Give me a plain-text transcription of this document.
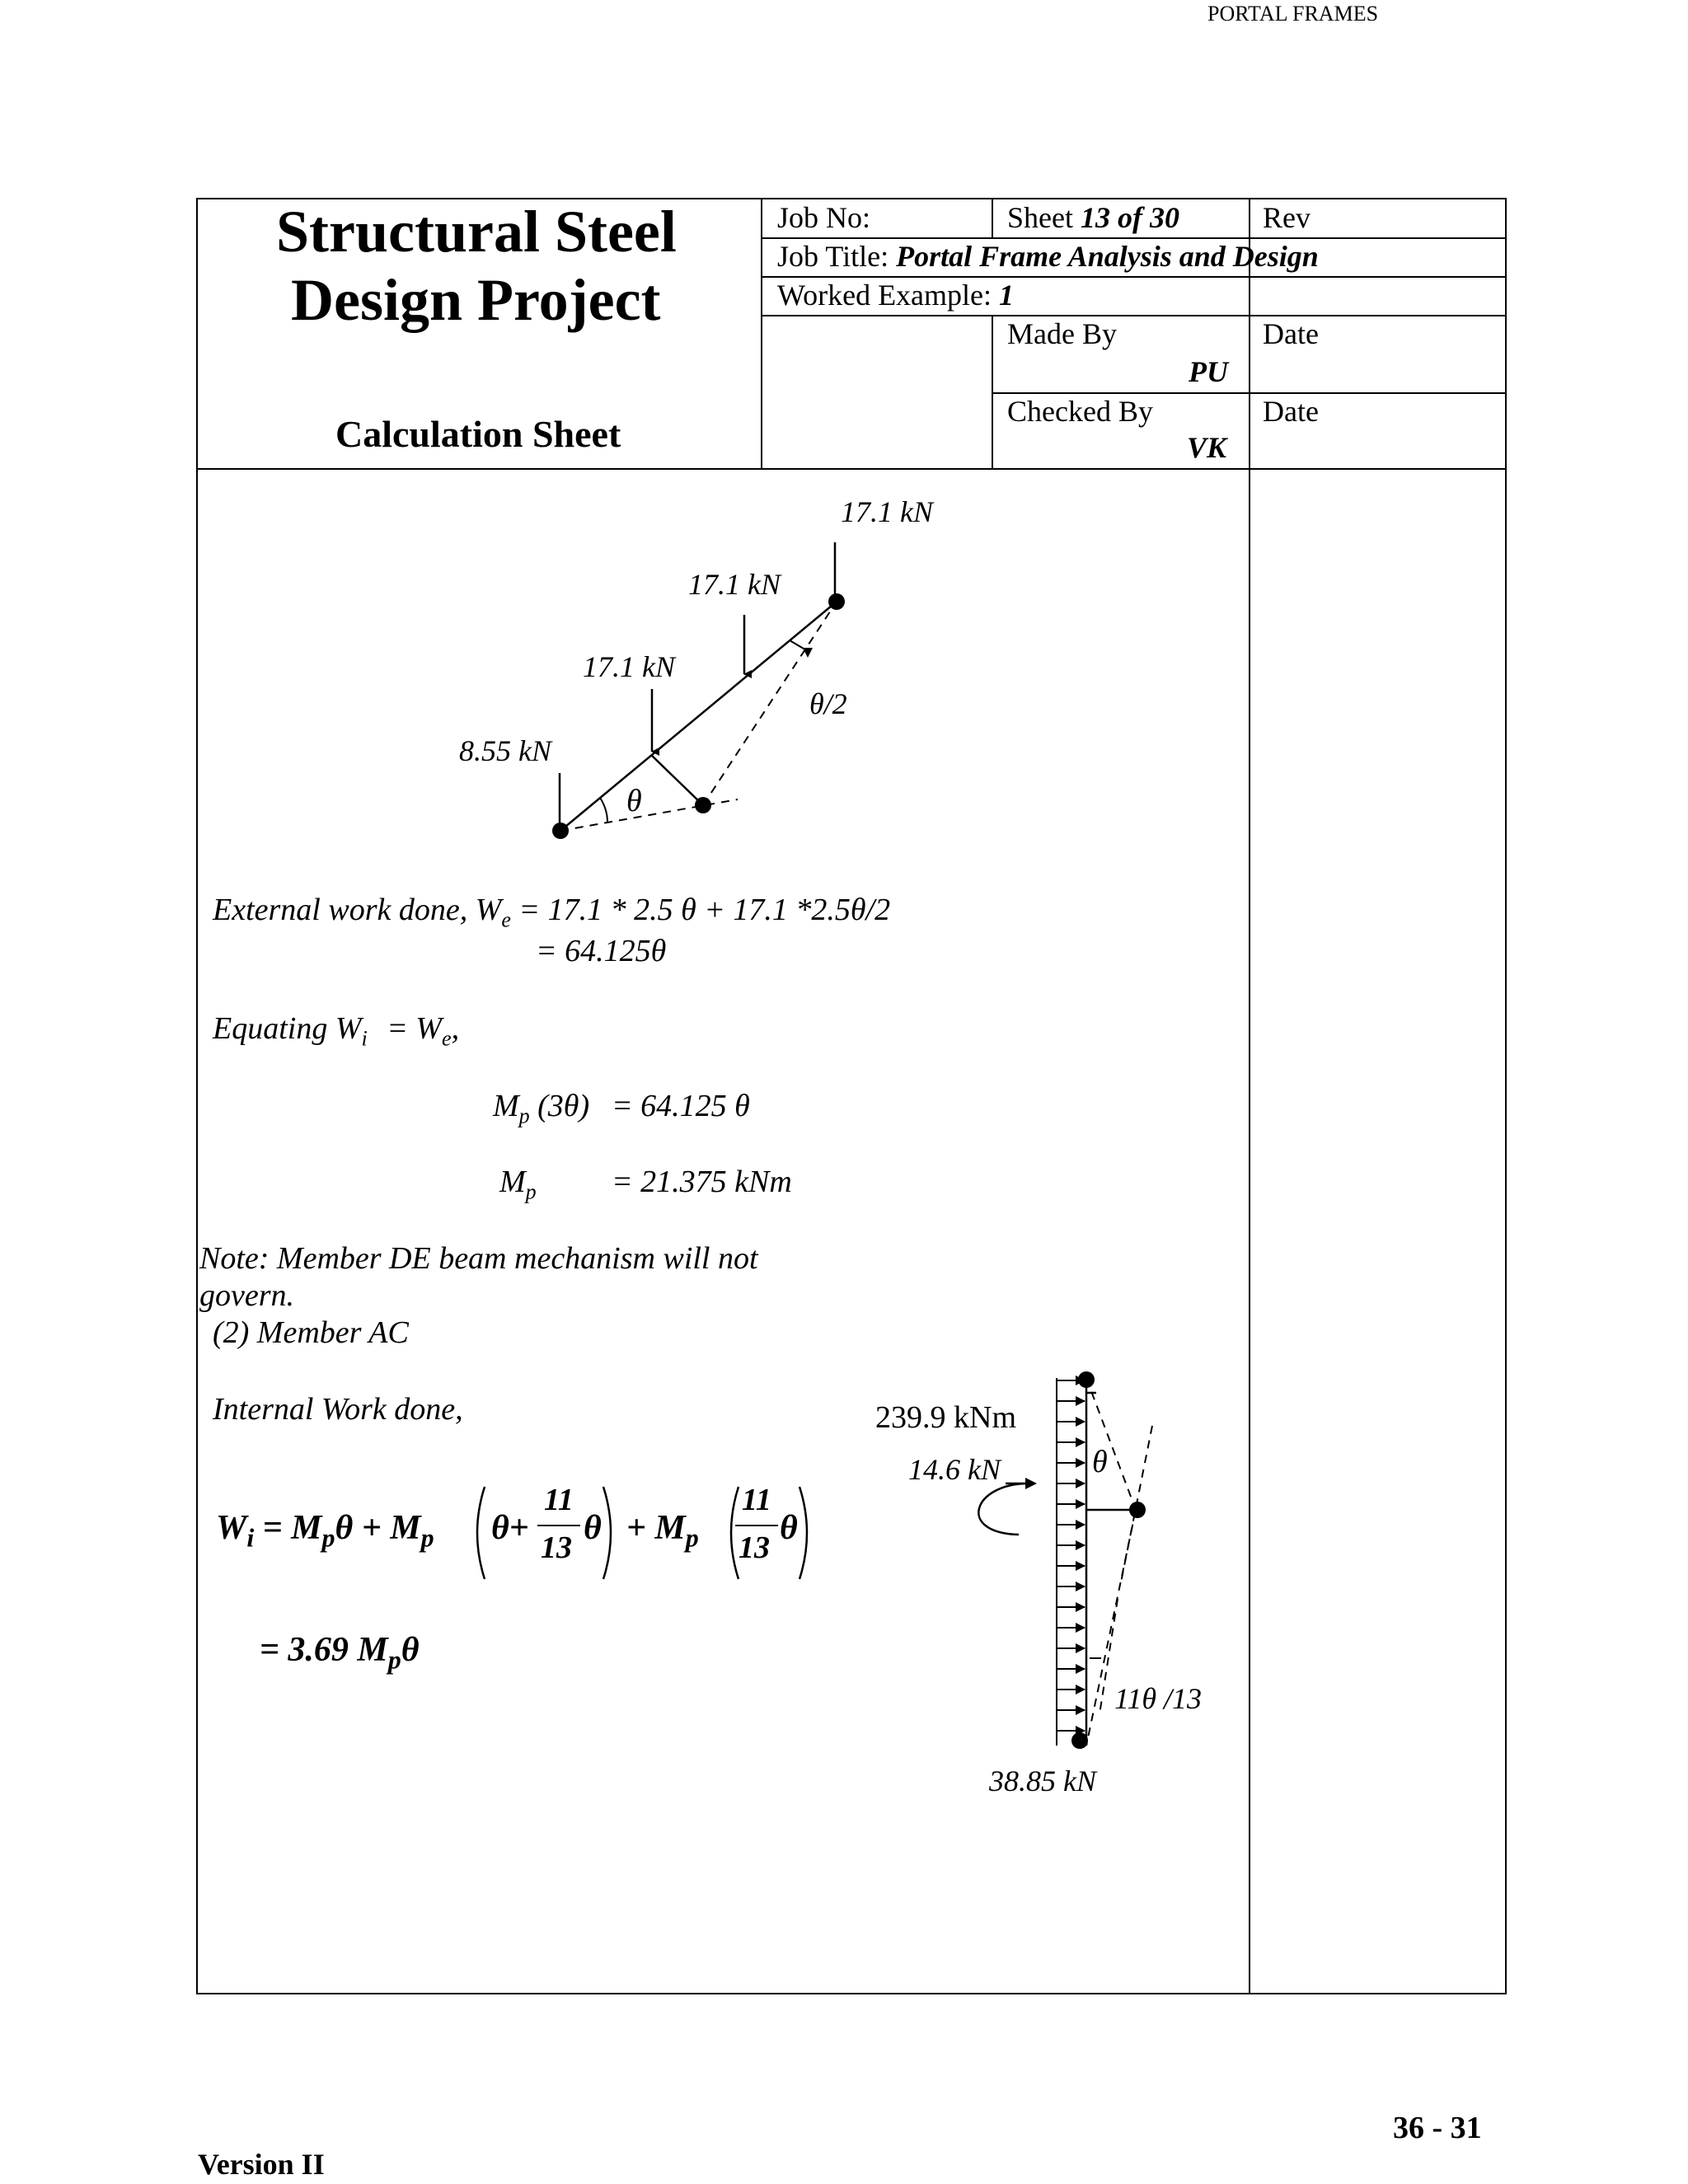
PORTAL FRAMES
Structural Steel
Design Project
Calculation Sheet
Job No:	Sheet 13 of 30	Rev
Job Title: Portal Frame Analysis and Design
Worked Example: 1
Made By
PU
Date
Checked By
VK
Date
17.1 kN
17.1 kN
17.1 kN
8.55 kN
θ/2
θ
External work done, $W_e = 17.1 * 2.5$ θ + 17.1 *2.5θ/2
= 64.125θ
Equating $W_i = W_e$,
$M_p$ (3θ) = 64.125 θ
$M_p = 21.375$ kNm
Note: Member DE beam mechanism will not
govern.
(2) Member AC
Internal Work done,
$W_i = M_p\theta + M_p$ θ+
11
13
$\theta + M_p$
11
13
θ
= 3.69 $M_p\theta$
239.9 kNm
14.6 kN	θ
11θ /13
38.85 kN
36 - 31
Version II
